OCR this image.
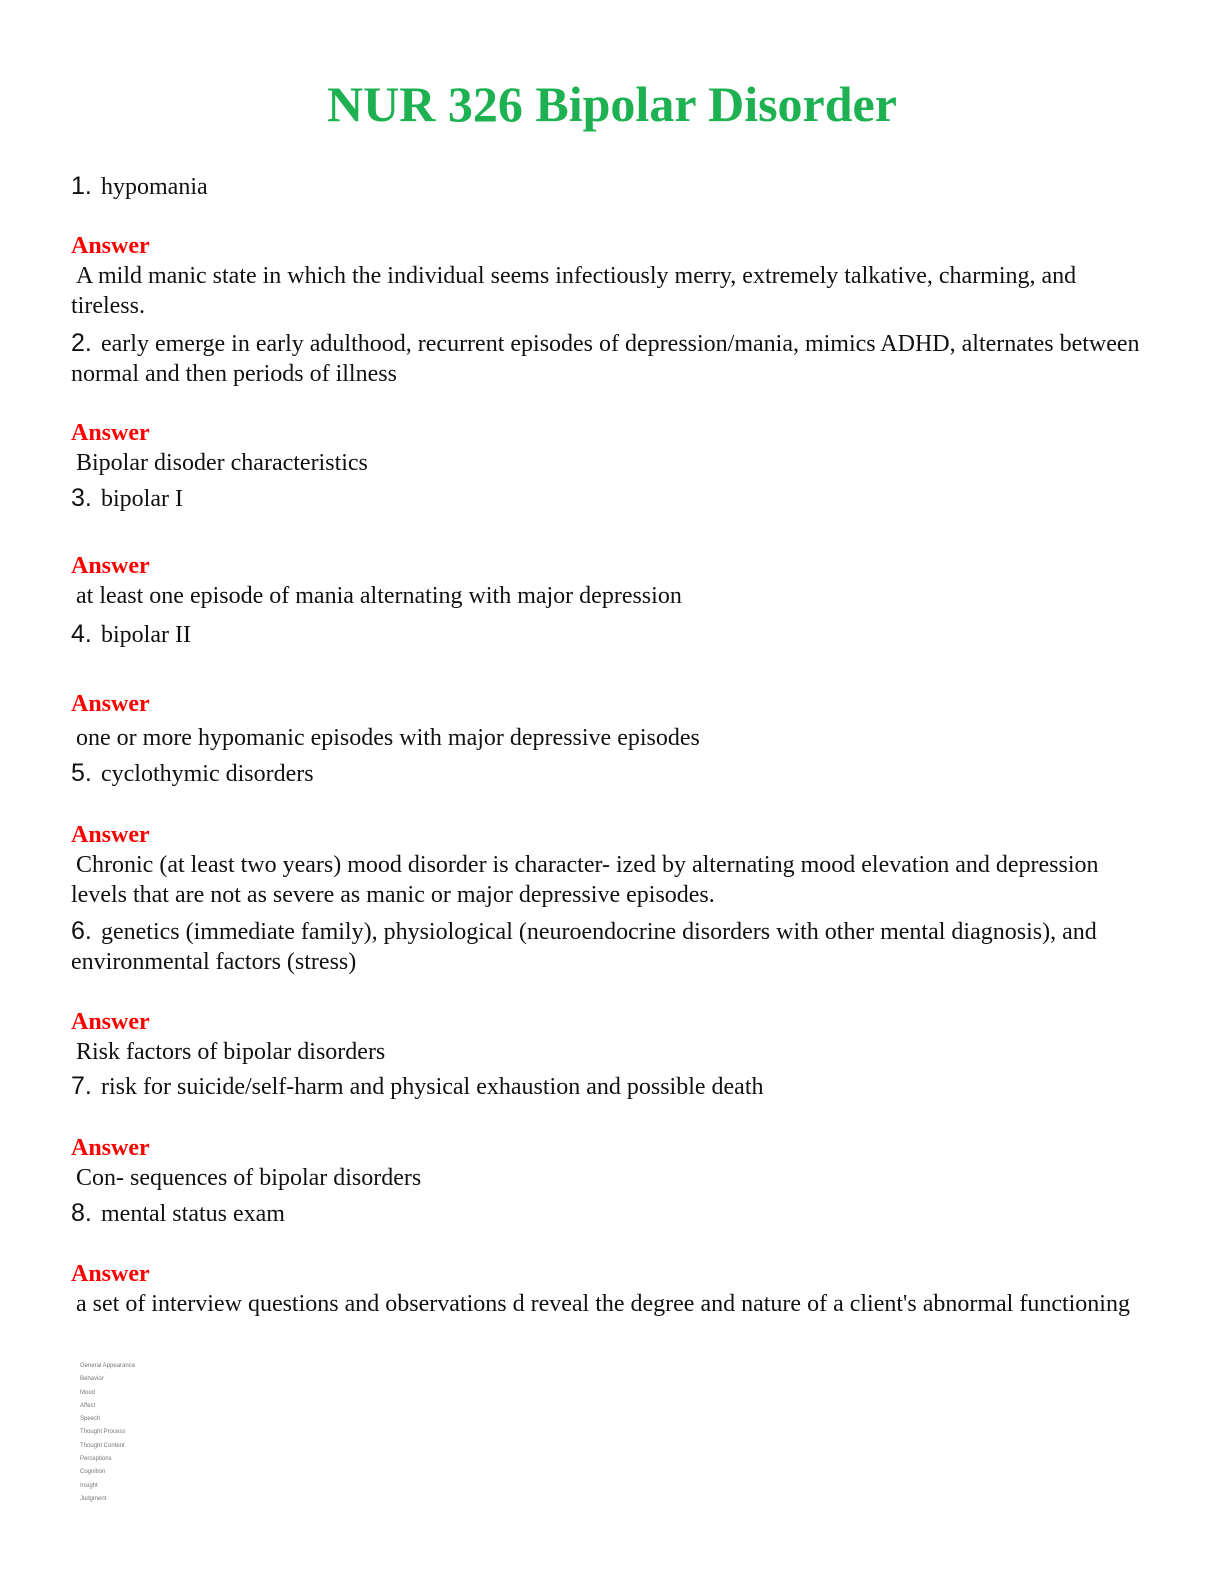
NUR 326 Bipolar Disorder

1. hypomania

Answer

A mild manic state in which the individual seems infectiously merry, extremely talkative, charming, and tireless.

2. early emerge in early adulthood, recurrent episodes of depression/mania, mimics ADHD, alternates between normal and then periods of illness

Answer

Bipolar disoder characteristics

3. bipolar I

Answer

at least one episode of mania alternating with major depression

4. bipolar II

Answer

one or more hypomanic episodes with major depressive episodes

5. cyclothymic disorders

Answer

Chronic (at least two years) mood disorder is character- ized by alternating mood elevation and depression levels that are not as severe as manic or major depressive episodes.

6. genetics (immediate family), physiological (neuroendocrine disorders with other mental diagnosis), and environmental factors (stress)

Answer

Risk factors of bipolar disorders

7. risk for suicide/self-harm and physical exhaustion and possible death

Answer

Con- sequences of bipolar disorders

8. mental status exam

Answer

a set of interview questions and observations d reveal the degree and nature of a client's abnormal functioning

General Appearance
Behavior
Mood
Affect
Speech
Thought Process
Thought Content
Perceptions
Cognition
Insight
Judgment
